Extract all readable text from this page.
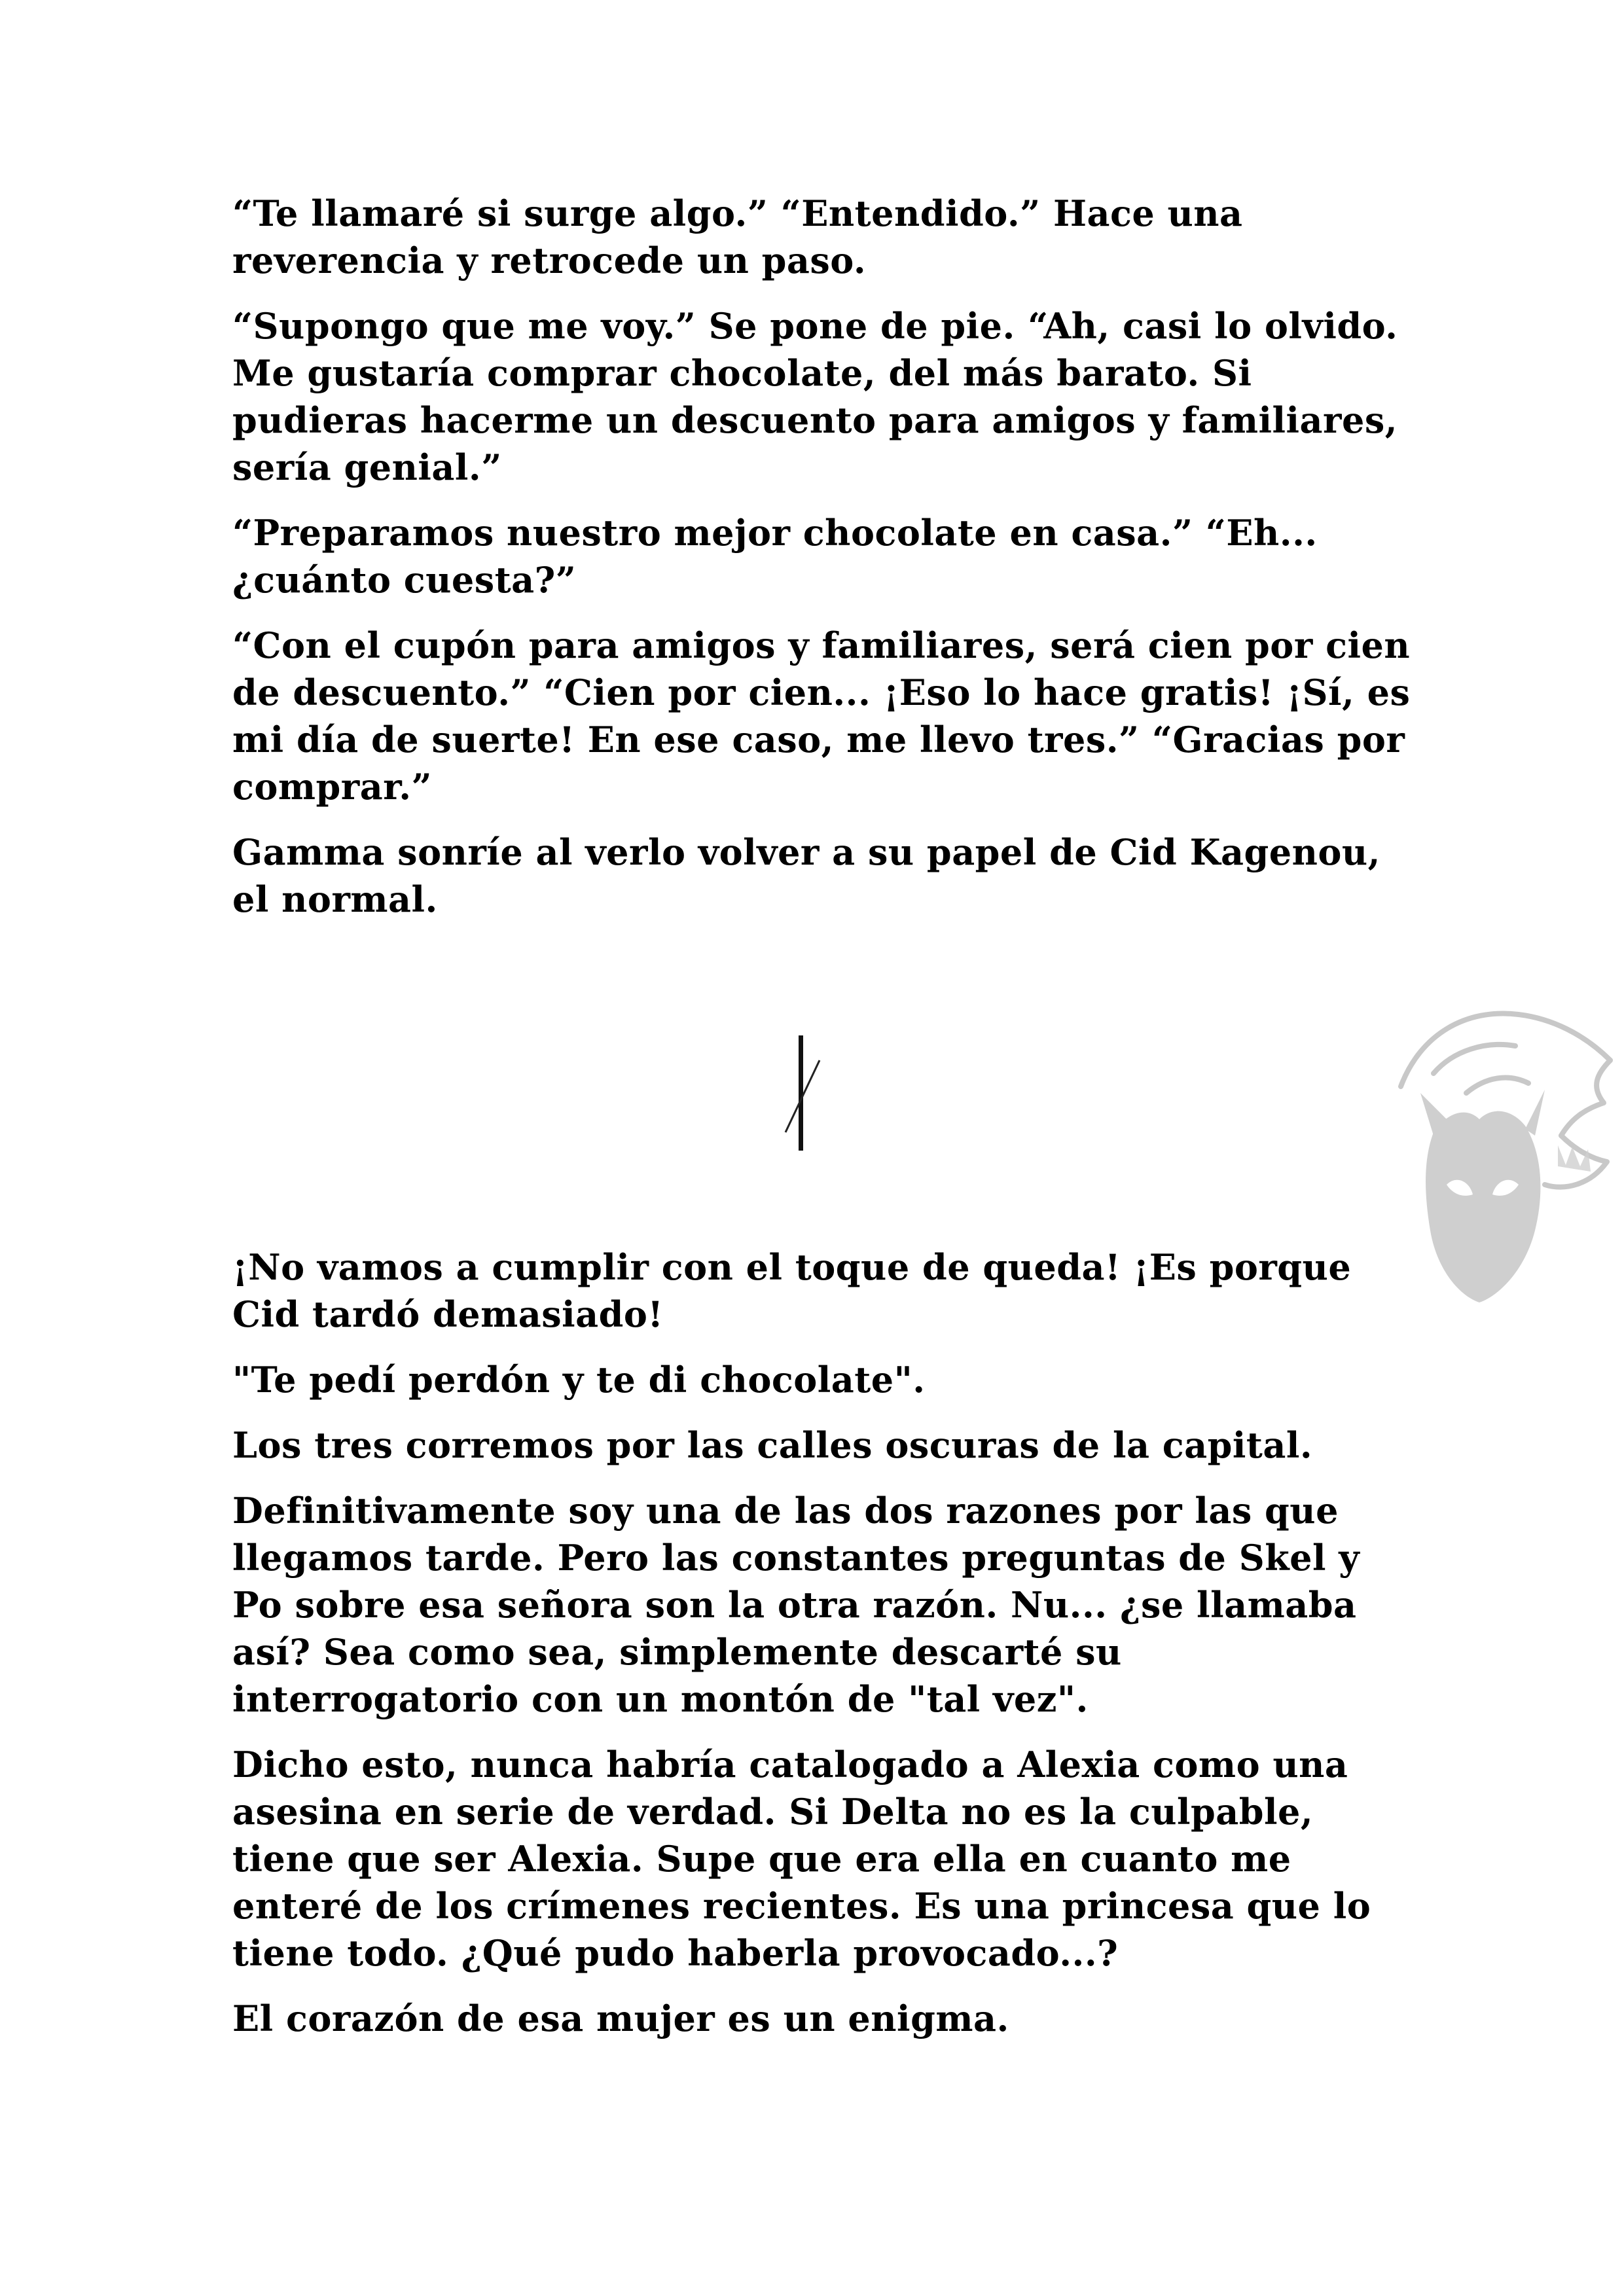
“Te llamaré si surge algo.” “Entendido.” Hace una reverencia y retrocede un paso.

“Supongo que me voy.” Se pone de pie. “Ah, casi lo olvido. Me gustaría comprar chocolate, del más barato. Si pudieras hacerme un descuento para amigos y familiares, sería genial.”

“Preparamos nuestro mejor chocolate en casa.” “Eh... ¿cuánto cuesta?”

“Con el cupón para amigos y familiares, será cien por cien de descuento.” “Cien por cien... ¡Eso lo hace gratis! ¡Sí, es mi día de suerte! En ese caso, me llevo tres.” “Gracias por comprar.”

Gamma sonríe al verlo volver a su papel de Cid Kagenou, el normal.

¡No vamos a cumplir con el toque de queda! ¡Es porque Cid tardó demasiado!

"Te pedí perdón y te di chocolate".

Los tres corremos por las calles oscuras de la capital.

Definitivamente soy una de las dos razones por las que llegamos tarde. Pero las constantes preguntas de Skel y Po sobre esa señora son la otra razón. Nu... ¿se llamaba así? Sea como sea, simplemente descarté su interrogatorio con un montón de "tal vez".

Dicho esto, nunca habría catalogado a Alexia como una asesina en serie de verdad. Si Delta no es la culpable, tiene que ser Alexia. Supe que era ella en cuanto me enteré de los crímenes recientes. Es una princesa que lo tiene todo. ¿Qué pudo haberla provocado...?

El corazón de esa mujer es un enigma.
